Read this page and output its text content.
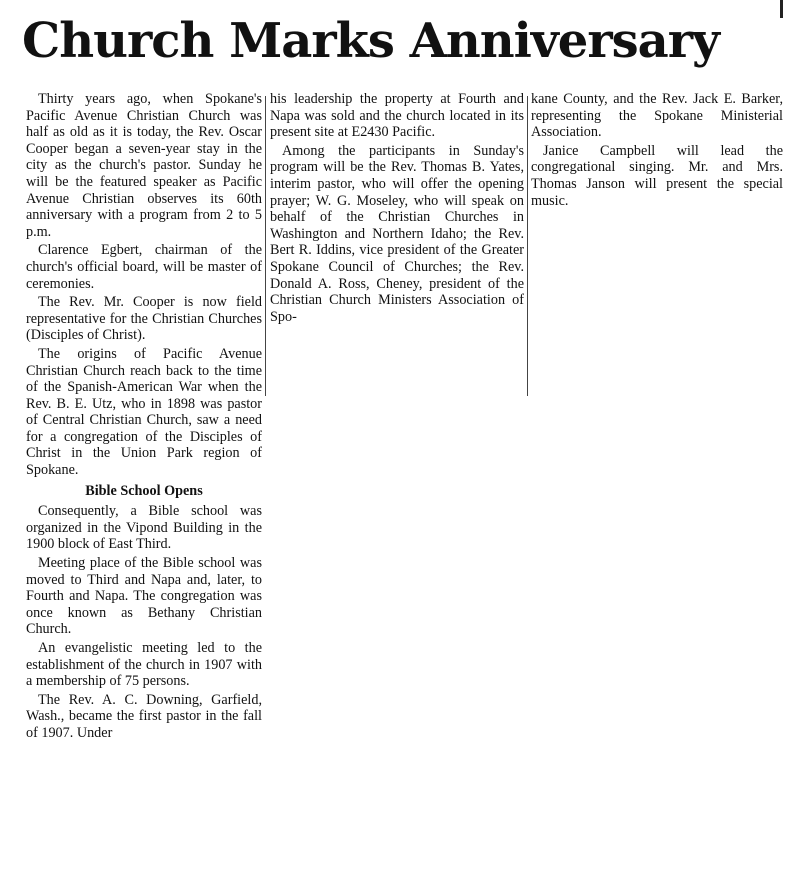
Church Marks Anniversary

Thirty years ago, when Spokane's Pacific Avenue Christian Church was half as old as it is today, the Rev. Oscar Cooper began a seven-year stay in the city as the church's pastor. Sunday he will be the featured speaker as Pacific Avenue Christian observes its 60th anniversary with a program from 2 to 5 p.m.

Clarence Egbert, chairman of the church's official board, will be master of ceremonies.

The Rev. Mr. Cooper is now field representative for the Christian Churches (Disciples of Christ).

The origins of Pacific Avenue Christian Church reach back to the time of the Spanish-American War when the Rev. B. E. Utz, who in 1898 was pastor of Central Christian Church, saw a need for a congregation of the Disciples of Christ in the Union Park region of Spokane.

Bible School Opens

Consequently, a Bible school was organized in the Vipond Building in the 1900 block of East Third.

Meeting place of the Bible school was moved to Third and Napa and, later, to Fourth and Napa. The congregation was once known as Bethany Christian Church.

An evangelistic meeting led to the establishment of the church in 1907 with a membership of 75 persons.

The Rev. A. C. Downing, Garfield, Wash., became the first pastor in the fall of 1907. Under

his leadership the property at Fourth and Napa was sold and the church located in its present site at E2430 Pacific.

Among the participants in Sunday's program will be the Rev. Thomas B. Yates, interim pastor, who will offer the opening prayer; W. G. Moseley, who will speak on behalf of the Christian Churches in Washington and Northern Idaho; the Rev. Bert R. Iddins, vice president of the Greater Spokane Council of Churches; the Rev. Donald A. Ross, Cheney, president of the Christian Church Ministers Association of Spo-

kane County, and the Rev. Jack E. Barker, representing the Spokane Ministerial Association.

Janice Campbell will lead the congregational singing. Mr. and Mrs. Thomas Janson will present the special music.
